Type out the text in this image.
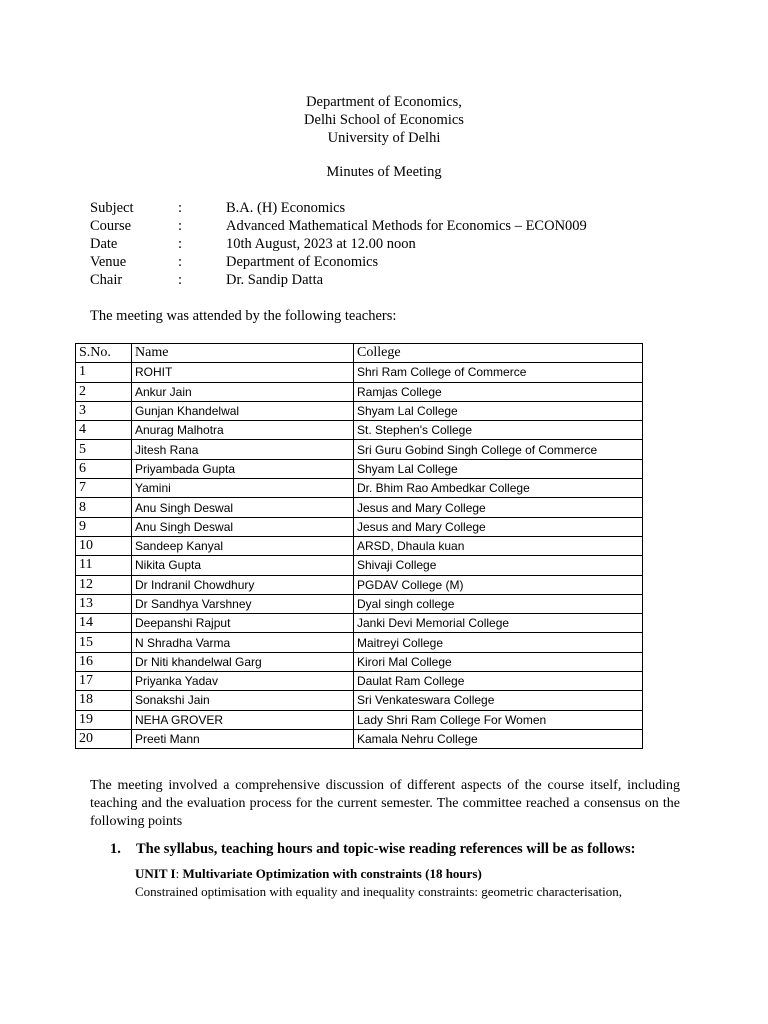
Department of Economics,
Delhi School of Economics
University of Delhi
Minutes of Meeting
Subject	:	B.A. (H) Economics
Course	:	Advanced Mathematical Methods for Economics – ECON009
Date	:	10th August, 2023 at 12.00 noon
Venue	:	Department of Economics
Chair	:	Dr. Sandip Datta
The meeting was attended by the following teachers:
S.No.	Name	College
1	ROHIT	Shri Ram College of Commerce
2	Ankur Jain	Ramjas College
3	Gunjan Khandelwal	Shyam Lal College
4	Anurag Malhotra	St. Stephen's College
5	Jitesh Rana	Sri Guru Gobind Singh College of Commerce
6	Priyambada Gupta	Shyam Lal College
7	Yamini	Dr. Bhim Rao Ambedkar College
8	Anu Singh Deswal	Jesus and Mary College
9	Anu Singh Deswal	Jesus and Mary College
10	Sandeep Kanyal	ARSD, Dhaula kuan
11	Nikita Gupta	Shivaji College
12	Dr Indranil Chowdhury	PGDAV College (M)
13	Dr Sandhya Varshney	Dyal singh college
14	Deepanshi Rajput	Janki Devi Memorial College
15	N Shradha Varma	Maitreyi College
16	Dr Niti khandelwal Garg	Kirori Mal College
17	Priyanka Yadav	Daulat Ram College
18	Sonakshi Jain	Sri Venkateswara College
19	NEHA GROVER	Lady Shri Ram College For Women
20	Preeti Mann	Kamala Nehru College
The meeting involved a comprehensive discussion of different aspects of the course itself, including teaching and the evaluation process for the current semester. The committee reached a consensus on the following points
1. The syllabus, teaching hours and topic-wise reading references will be as follows:
UNIT I: Multivariate Optimization with constraints (18 hours)
Constrained optimisation with equality and inequality constraints: geometric characterisation,
